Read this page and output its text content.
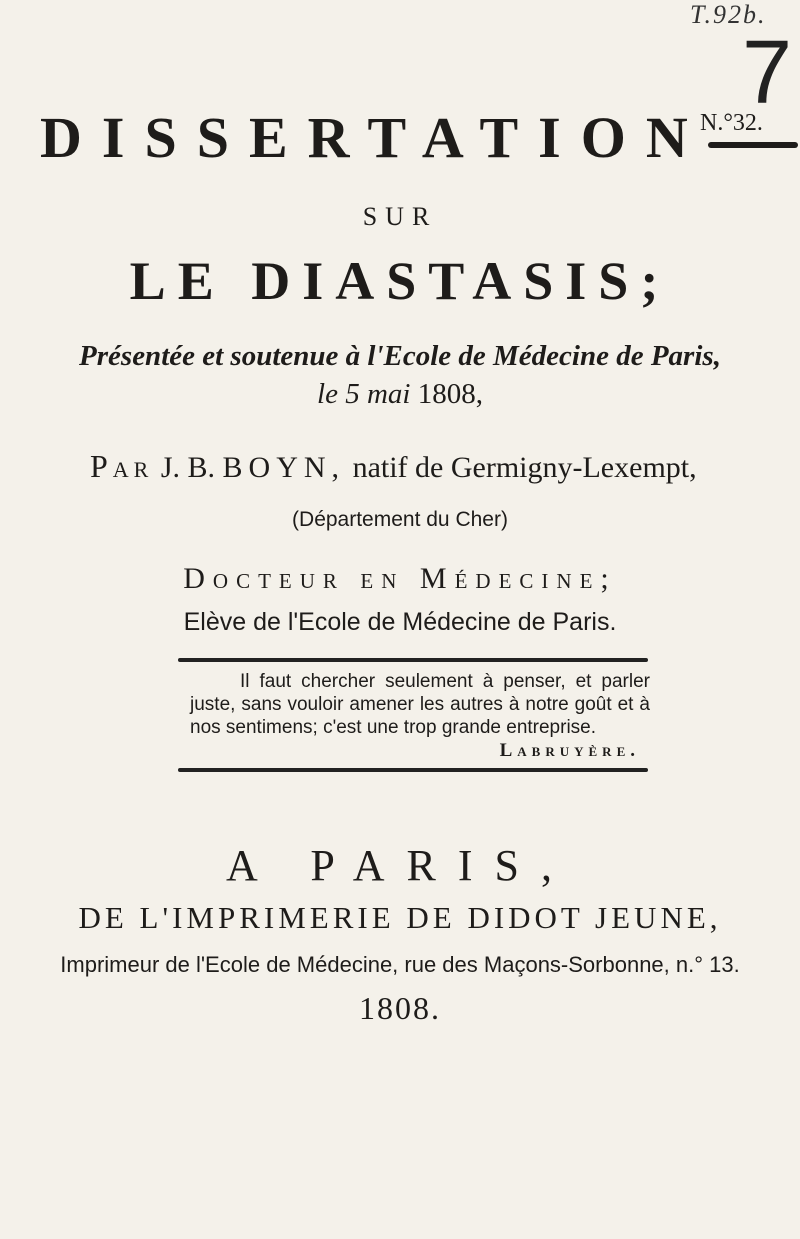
T.92b.
7
N.°32.
DISSERTATION
SUR
LE DIASTASIS;
Présentée et soutenue à l'Ecole de Médecine de Paris,
le 5 mai 1808,
Par J. B. BOYN, natif de Germigny-Lexempt,
(Département du Cher)
Docteur en Médecine;
Elève de l'Ecole de Médecine de Paris.

Il faut chercher seulement à penser, et parler juste, sans vouloir amener les autres à notre goût et à nos sentimens; c'est une trop grande entreprise.

Labruyère.
A PARIS,
DE L'IMPRIMERIE DE DIDOT JEUNE,
Imprimeur de l'Ecole de Médecine, rue des Maçons-Sorbonne, n.° 13.
1808.
